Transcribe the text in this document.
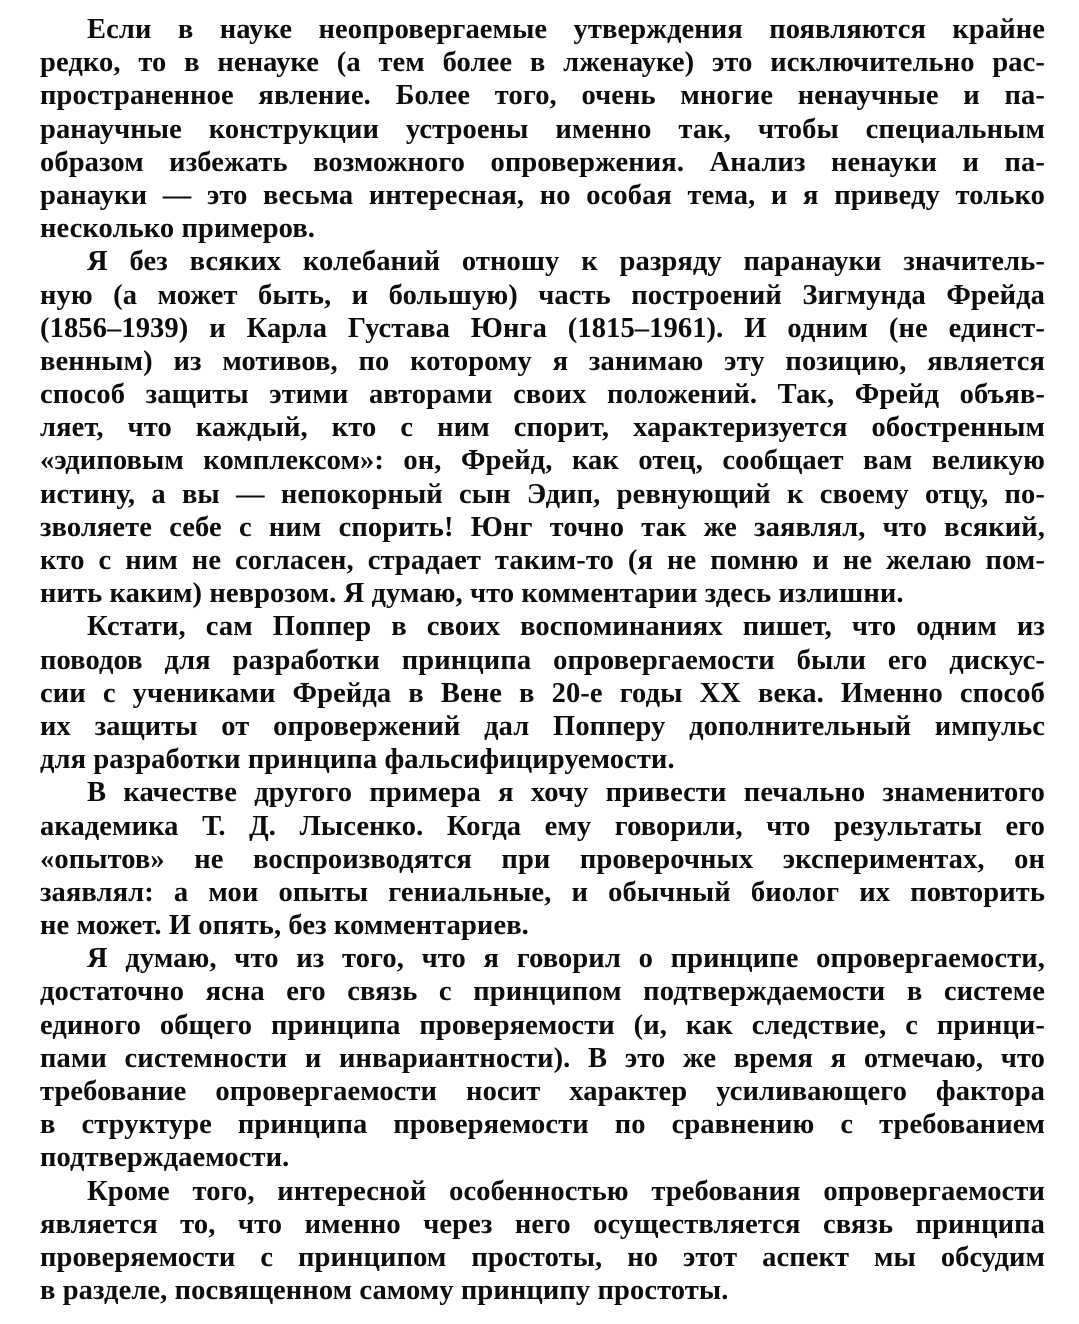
Если в науке неопровергаемые утверждения появляются крайне
редко, то в ненауке (а тем более в лженауке) это исключительно рас-
пространенное явление. Более того, очень многие ненаучные и па-
ранаучные конструкции устроены именно так, чтобы специальным
образом избежать возможного опровержения. Анализ ненауки и па-
ранауки — это весьма интересная, но особая тема, и я приведу только
несколько примеров.
Я без всяких колебаний отношу к разряду паранауки значитель-
ную (а может быть, и большую) часть построений Зигмунда Фрейда
(1856–1939) и Карла Густава Юнга (1815–1961). И одним (не единст-
венным) из мотивов, по которому я занимаю эту позицию, является
способ защиты этими авторами своих положений. Так, Фрейд объяв-
ляет, что каждый, кто с ним спорит, характеризуется обостренным
«эдиповым комплексом»: он, Фрейд, как отец, сообщает вам великую
истину, а вы — непокорный сын Эдип, ревнующий к своему отцу, по-
зволяете себе с ним спорить! Юнг точно так же заявлял, что всякий,
кто с ним не согласен, страдает таким-то (я не помню и не желаю пом-
нить каким) неврозом. Я думаю, что комментарии здесь излишни.
Кстати, сам Поппер в своих воспоминаниях пишет, что одним из
поводов для разработки принципа опровергаемости были его дискус-
сии с учениками Фрейда в Вене в 20-е годы XX века. Именно способ
их защиты от опровержений дал Попперу дополнительный импульс
для разработки принципа фальсифицируемости.
В качестве другого примера я хочу привести печально знаменитого
академика Т. Д. Лысенко. Когда ему говорили, что результаты его
«опытов» не воспроизводятся при проверочных экспериментах, он
заявлял: а мои опыты гениальные, и обычный биолог их повторить
не может. И опять, без комментариев.
Я думаю, что из того, что я говорил о принципе опровергаемости,
достаточно ясна его связь с принципом подтверждаемости в системе
единого общего принципа проверяемости (и, как следствие, с принци-
пами системности и инвариантности). В это же время я отмечаю, что
требование опровергаемости носит характер усиливающего фактора
в структуре принципа проверяемости по сравнению с требованием
подтверждаемости.
Кроме того, интересной особенностью требования опровергаемости
является то, что именно через него осуществляется связь принципа
проверяемости с принципом простоты, но этот аспект мы обсудим
в разделе, посвященном самому принципу простоты.
